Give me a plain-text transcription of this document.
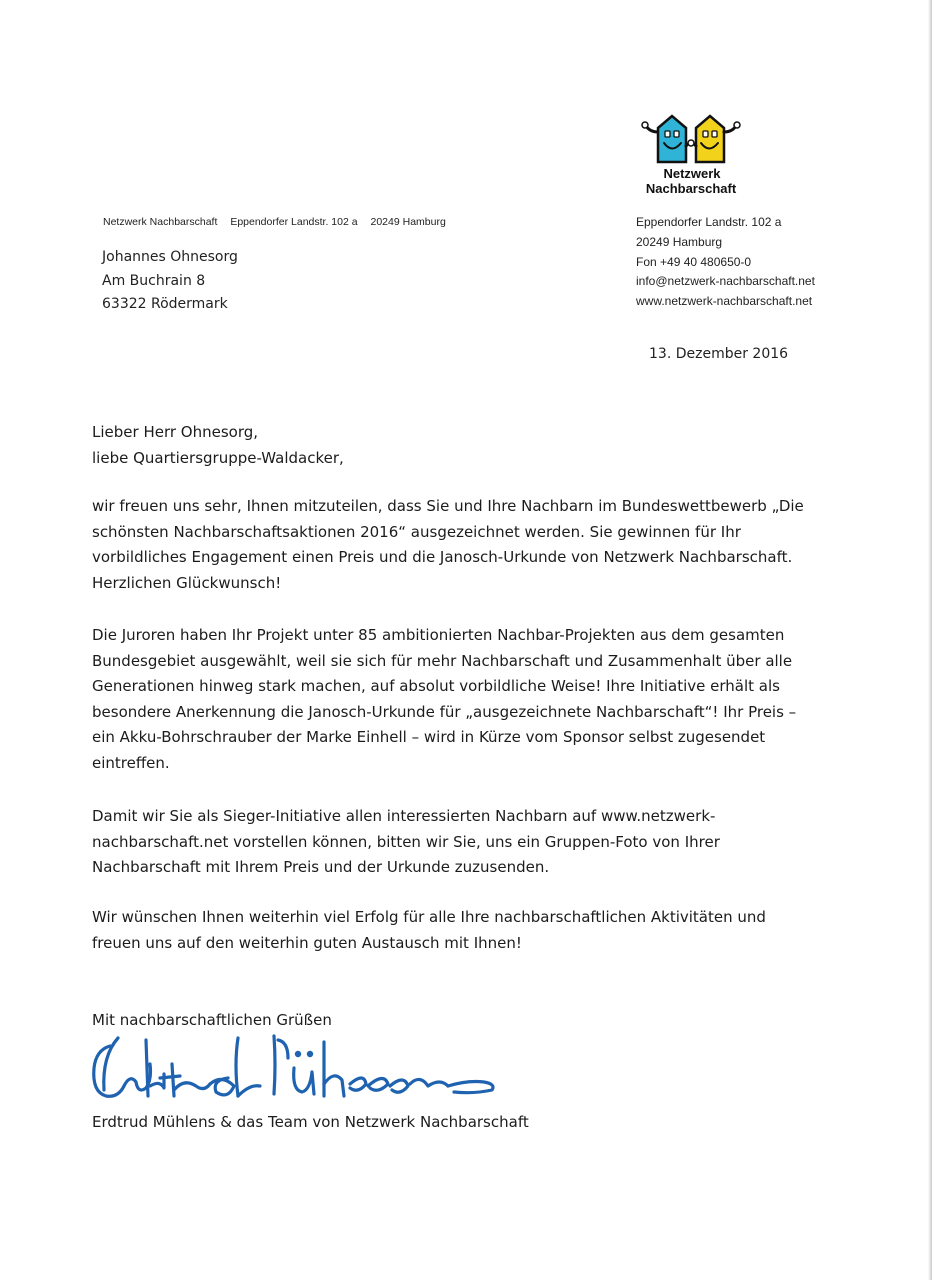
Netzwerk
Nachbarschaft
Netzwerk Nachbarschaft Eppendorfer Landstr. 102 a 20249 Hamburg
Johannes Ohnesorg
Am Buchrain 8
63322 Rödermark
Eppendorfer Landstr. 102 a
20249 Hamburg
Fon +49 40 480650-0
info@netzwerk-nachbarschaft.net
www.netzwerk-nachbarschaft.net
13. Dezember 2016
Lieber Herr Ohnesorg,
liebe Quartiersgruppe-Waldacker,
wir freuen uns sehr, Ihnen mitzuteilen, dass Sie und Ihre Nachbarn im Bundeswettbewerb „Die
schönsten Nachbarschaftsaktionen 2016“ ausgezeichnet werden. Sie gewinnen für Ihr
vorbildliches Engagement einen Preis und die Janosch-Urkunde von Netzwerk Nachbarschaft.
Herzlichen Glückwunsch!
Die Juroren haben Ihr Projekt unter 85 ambitionierten Nachbar-Projekten aus dem gesamten
Bundesgebiet ausgewählt, weil sie sich für mehr Nachbarschaft und Zusammenhalt über alle
Generationen hinweg stark machen, auf absolut vorbildliche Weise! Ihre Initiative erhält als
besondere Anerkennung die Janosch-Urkunde für „ausgezeichnete Nachbarschaft“! Ihr Preis –
ein Akku-Bohrschrauber der Marke Einhell – wird in Kürze vom Sponsor selbst zugesendet
eintreffen.
Damit wir Sie als Sieger-Initiative allen interessierten Nachbarn auf www.netzwerk-
nachbarschaft.net vorstellen können, bitten wir Sie, uns ein Gruppen-Foto von Ihrer
Nachbarschaft mit Ihrem Preis und der Urkunde zuzusenden.
Wir wünschen Ihnen weiterhin viel Erfolg für alle Ihre nachbarschaftlichen Aktivitäten und
freuen uns auf den weiterhin guten Austausch mit Ihnen!
Mit nachbarschaftlichen Grüßen
Erdtrud Mühlens & das Team von Netzwerk Nachbarschaft
